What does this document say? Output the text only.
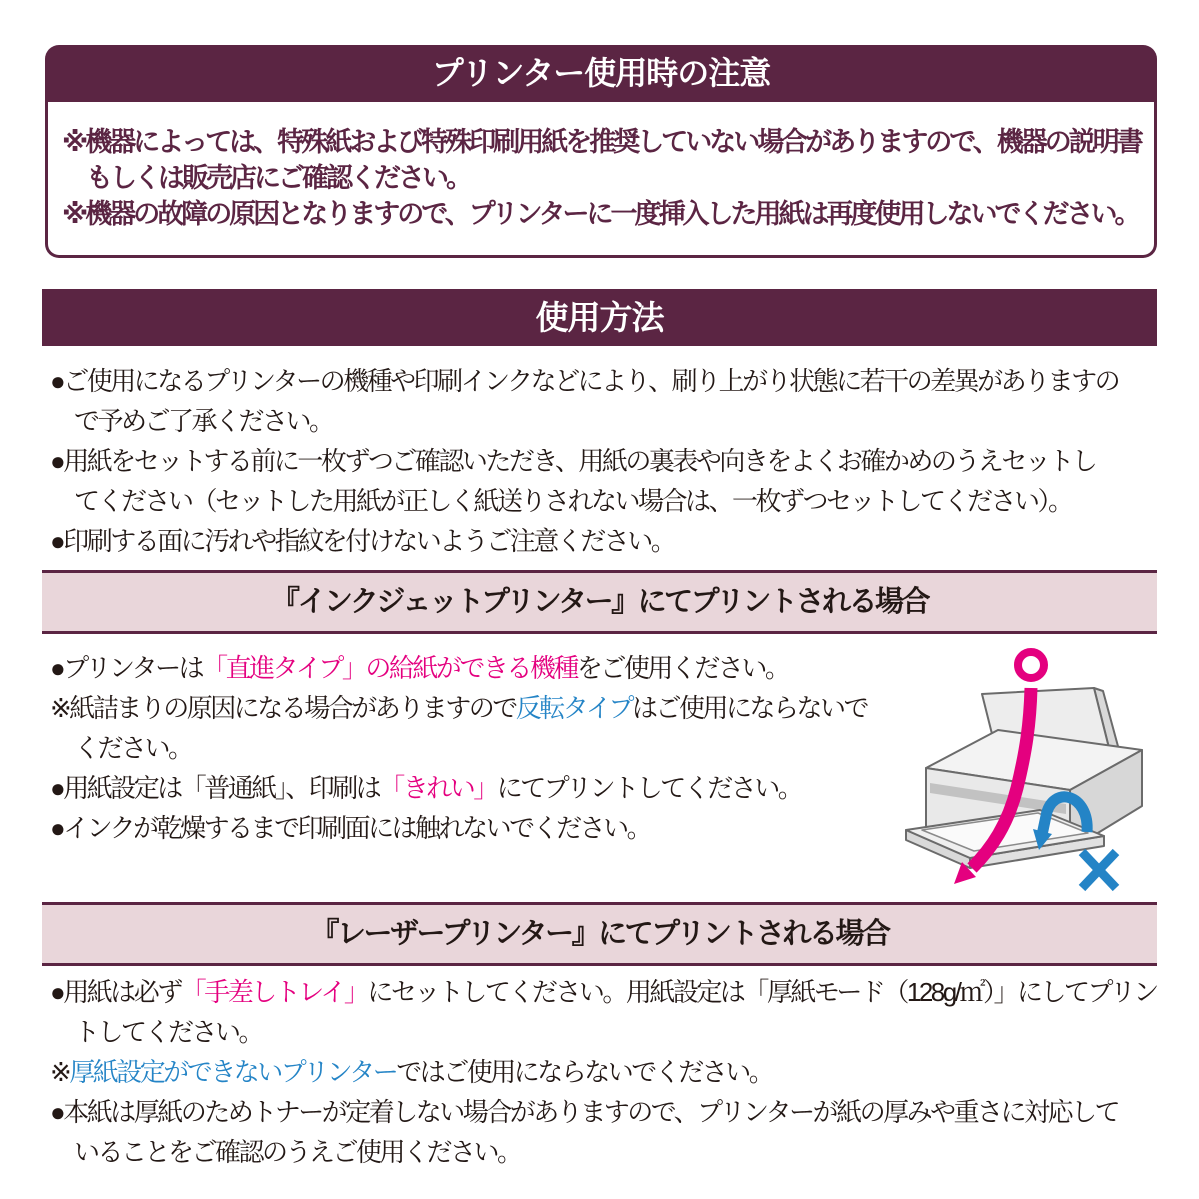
プリンター使用時の注意
※機器によっては、特殊紙および特殊印刷用紙を推奨していない場合がありますので、機器の説明書
もしくは販売店にご確認ください。
※機器の故障の原因となりますので、プリンターに一度挿入した用紙は再度使用しないでください。
使用方法
●ご使用になるプリンターの機種や印刷インクなどにより、刷り上がり状態に若干の差異がありますの
で予めご了承ください。
●用紙をセットする前に一枚ずつご確認いただき、用紙の裏表や向きをよくお確かめのうえセットし
てください（セットした用紙が正しく紙送りされない場合は、一枚ずつセットしてください）。
●印刷する面に汚れや指紋を付けないようご注意ください。
『インクジェットプリンター』にてプリントされる場合
●プリンターは「直進タイプ」の給紙ができる機種をご使用ください。
※紙詰まりの原因になる場合がありますので反転タイプはご使用にならないで
ください。
●用紙設定は「普通紙」、印刷は「きれい」にてプリントしてください。
●インクが乾燥するまで印刷面には触れないでください。
『レーザープリンター』にてプリントされる場合
●用紙は必ず「手差しトレイ」にセットしてください。用紙設定は「厚紙モード（128g/㎡）」にしてプリン
トしてください。
※厚紙設定ができないプリンターではご使用にならないでください。
●本紙は厚紙のためトナーが定着しない場合がありますので、プリンターが紙の厚みや重さに対応して
いることをご確認のうえご使用ください。
